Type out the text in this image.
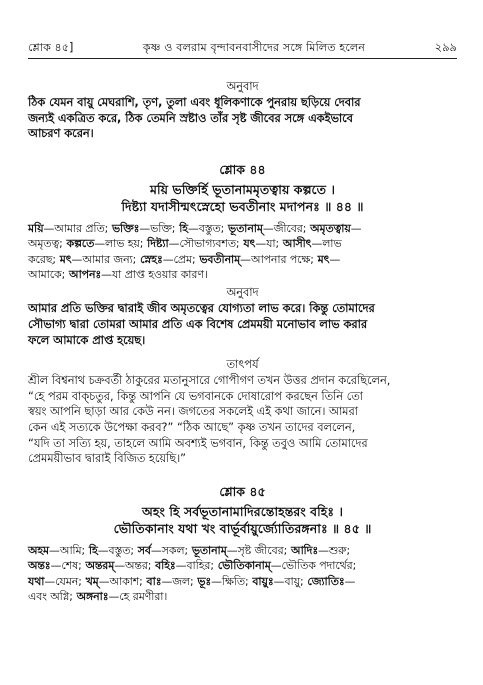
শ্লোক ৪৫]	কৃষ্ণ ও বলরাম বৃন্দাবনবাসীদের সঙ্গে মিলিত হলেন	২৯৯

অনুবাদ

ঠিক যেমন বায়ু মেঘরাশি, তৃণ, তুলা এবং ধূলিকণাকে পুনরায় ছড়িয়ে দেবার

জন্যই একত্রিত করে, ঠিক তেমনি স্রষ্টাও তাঁর সৃষ্ট জীবের সঙ্গে একইভাবে

আচরণ করেন।

শ্লোক ৪৪

ময়ি ভক্তির্হি ভূতানামমৃতত্বায় কল্পতে ।

দিষ্ট্যা যদাসীন্মৎস্নেহো ভবতীনাং মদাপনঃ ॥ ৪৪ ॥

ময়ি—আমার প্রতি; ভক্তিঃ—ভক্তি; হি—বস্তুত; ভূতানাম্—জীবের; অমৃতত্বায়—

অমৃতত্ব; কল্পতে—লাভ হয়; দিষ্ট্যা—সৌভাগ্যবশত; যৎ—যা; আসীৎ—লাভ

করেছ; মৎ—আমার জন্য; স্নেহঃ—প্রেম; ভবতীনাম্—আপনার পক্ষে; মৎ—

আমাকে; আপনঃ—যা প্রাপ্ত হওয়ার কারণ।

অনুবাদ

আমার প্রতি ভক্তির দ্বারাই জীব অমৃতত্বের যোগ্যতা লাভ করে। কিন্তু তোমাদের

সৌভাগ্য দ্বারা তোমরা আমার প্রতি এক বিশেষ প্রেমময়ী মনোভাব লাভ করার

ফলে আমাকে প্রাপ্ত হয়েছ।

তাৎপর্য

শ্রীল বিশ্বনাথ চক্রবর্তী ঠাকুরের মতানুসারে গোপীগণ তখন উত্তর প্রদান করেছিলেন,

“হে পরম বাক্চতুর, কিন্তু আপনি যে ভগবানকে দোষারোপ করছেন তিনি তো

স্বয়ং আপনি ছাড়া আর কেউ নন। জগতের সকলেই এই কথা জানে। আমরা

কেন এই সত্যকে উপেক্ষা করব?” “ঠিক আছে” কৃষ্ণ তখন তাদের বললেন,

“যদি তা সত্যি হয়, তাহলে আমি অবশ্যই ভগবান, কিন্তু তবুও আমি তোমাদের

প্রেমময়ীভাব দ্বারাই বিজিত হয়েছি।”

শ্লোক ৪৫

অহং হি সর্বভূতানামাদিরন্তোহন্তরং বহিঃ ।

ভৌতিকানাং যথা খং বার্ভূর্বায়ুর্জ্যোতিরঙ্গনাঃ ॥ ৪৫ ॥

অহম—আমি; হি—বস্তুত; সর্ব—সকল; ভূতানাম্—সৃষ্ট জীবের; আদিঃ—শুরু;

অন্তঃ—শেষ; অন্তরম্—অন্তর; বহিঃ—বাহির; ভৌতিকানাম্—ভৌতিক পদার্থের;

যথা—যেমন; খম্—আকাশ; বাঃ—জল; ভূঃ—ক্ষিতি; বায়ুঃ—বায়ু; জ্যোতিঃ—

এবং অগ্নি; অঙ্গনাঃ—হে রমণীরা।
